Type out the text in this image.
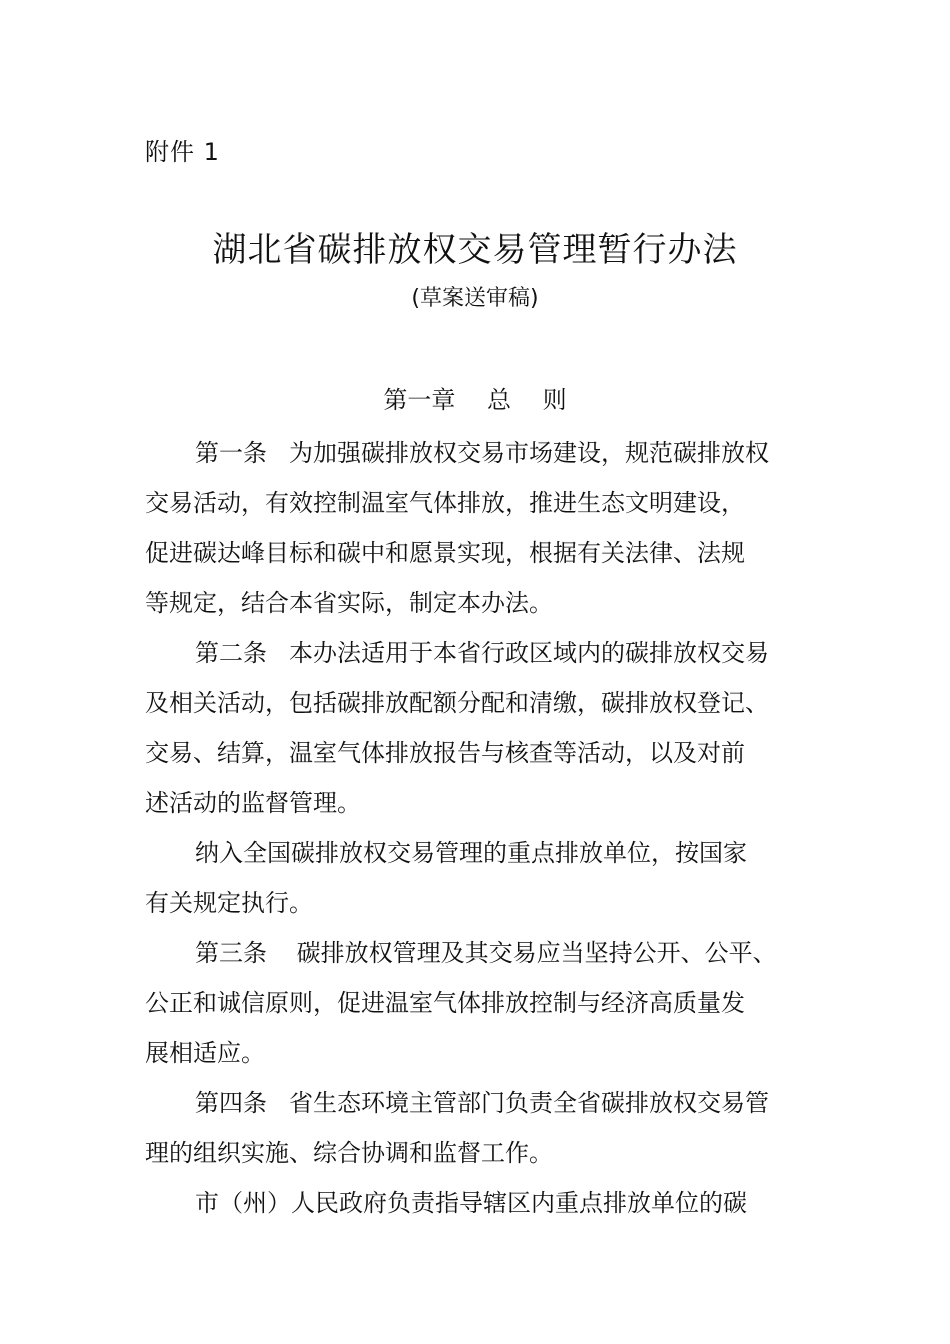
附件 1
湖北省碳排放权交易管理暂行办法
(草案送审稿)
第一章　 总　 则
第一条 为加强碳排放权交易市场建设，规范碳排放权
交易活动，有效控制温室气体排放，推进生态文明建设，
促进碳达峰目标和碳中和愿景实现，根据有关法律、法规
等规定，结合本省实际，制定本办法。
第二条 本办法适用于本省行政区域内的碳排放权交易
及相关活动，包括碳排放配额分配和清缴，碳排放权登记、
交易、结算，温室气体排放报告与核查等活动，以及对前
述活动的监督管理。
纳入全国碳排放权交易管理的重点排放单位，按国家
有关规定执行。
第三条 碳排放权管理及其交易应当坚持公开、公平、
公正和诚信原则，促进温室气体排放控制与经济高质量发
展相适应。
第四条 省生态环境主管部门负责全省碳排放权交易管
理的组织实施、综合协调和监督工作。
市（州）人民政府负责指导辖区内重点排放单位的碳
